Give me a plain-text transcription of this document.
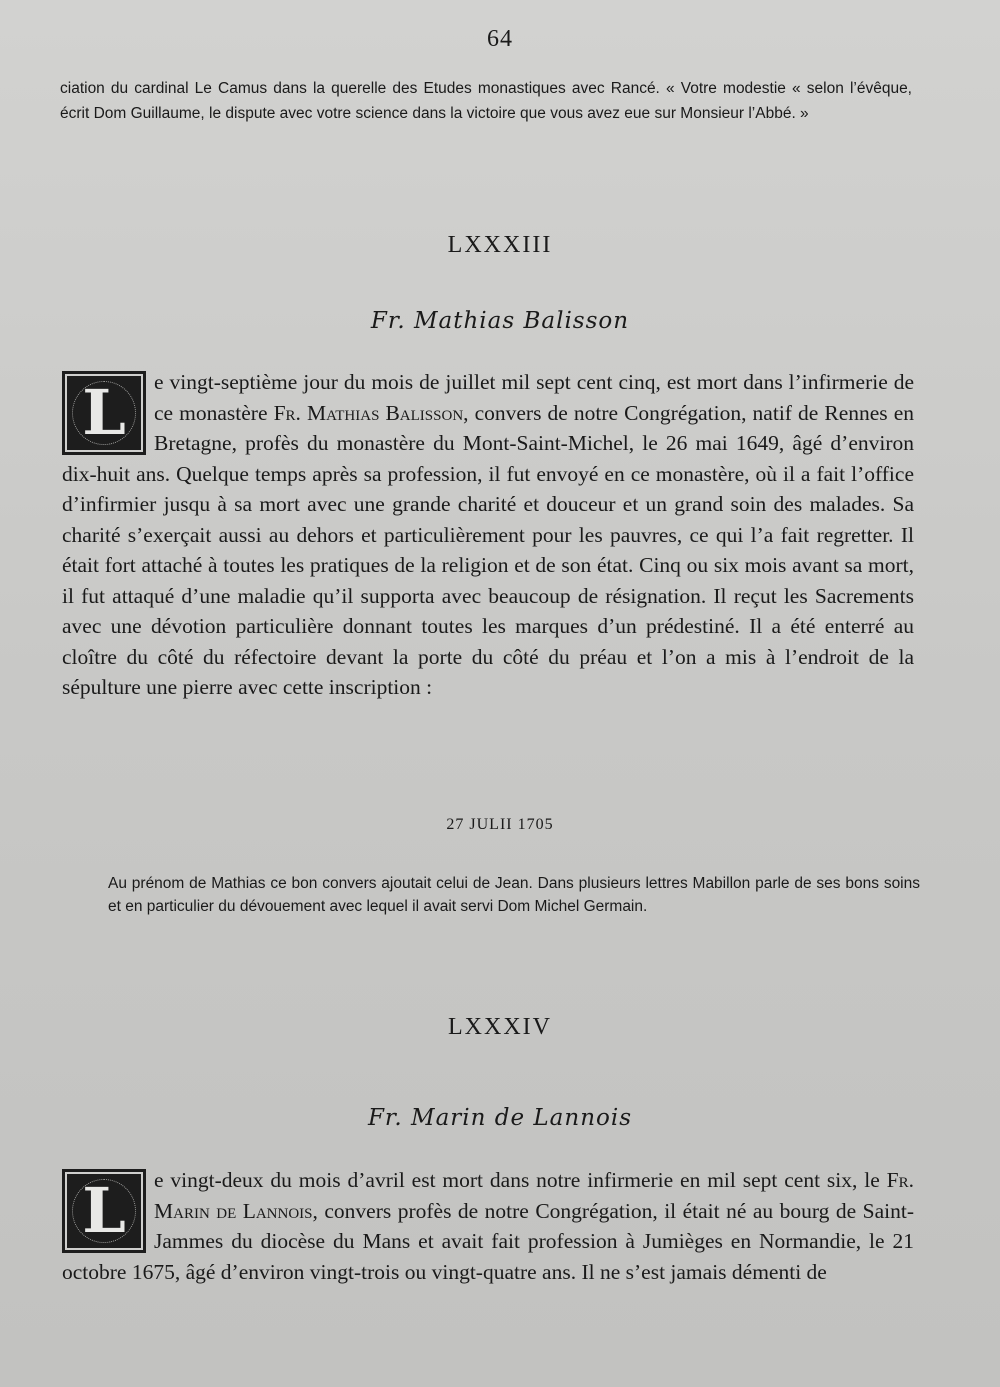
64
ciation du cardinal Le Camus dans la querelle des Etudes monastiques avec Rancé. « Votre modestie « selon l’évêque, écrit Dom Guillaume, le dispute avec votre science dans la victoire que vous avez eue sur Monsieur l’Abbé. »
LXXXIII
Fr. Mathias Balisson
L	e vingt-septième jour du mois de juillet mil sept cent cinq, est mort dans l’infirmerie de ce monastère Fr. Mathias Balisson, convers de notre Congrégation, natif de Rennes en Bretagne, profès du monastère du Mont-Saint-Michel, le 26 mai 1649, âgé d’environ dix-huit ans. Quelque temps après sa profession, il fut envoyé en ce monastère, où il a fait l’office d’infirmier jusqu à sa mort avec une grande charité et douceur et un grand soin des malades. Sa charité s’exerçait aussi au dehors et particulièrement pour les pauvres, ce qui l’a fait regretter. Il était fort attaché à toutes les pratiques de la religion et de son état. Cinq ou six mois avant sa mort, il fut attaqué d’une maladie qu’il supporta avec beaucoup de résignation. Il reçut les Sacrements avec une dévotion particulière donnant toutes les marques d’un prédestiné. Il a été enterré au cloître du côté du réfectoire devant la porte du côté du préau et l’on a mis à l’endroit de la sépulture une pierre avec cette inscription :
27 JULII 1705
Au prénom de Mathias ce bon convers ajoutait celui de Jean. Dans plusieurs lettres Mabillon parle de ses bons soins et en particulier du dévouement avec lequel il avait servi Dom Michel Germain.
LXXXIV
Fr. Marin de Lannois
L	e vingt-deux du mois d’avril est mort dans notre infirmerie en mil sept cent six, le Fr. Marin de Lannois, convers profès de notre Congrégation, il était né au bourg de Saint-Jammes du diocèse du Mans et avait fait profession à Jumièges en Normandie, le 21 octobre 1675, âgé d’environ vingt-trois ou vingt-quatre ans. Il ne s’est jamais démenti de
